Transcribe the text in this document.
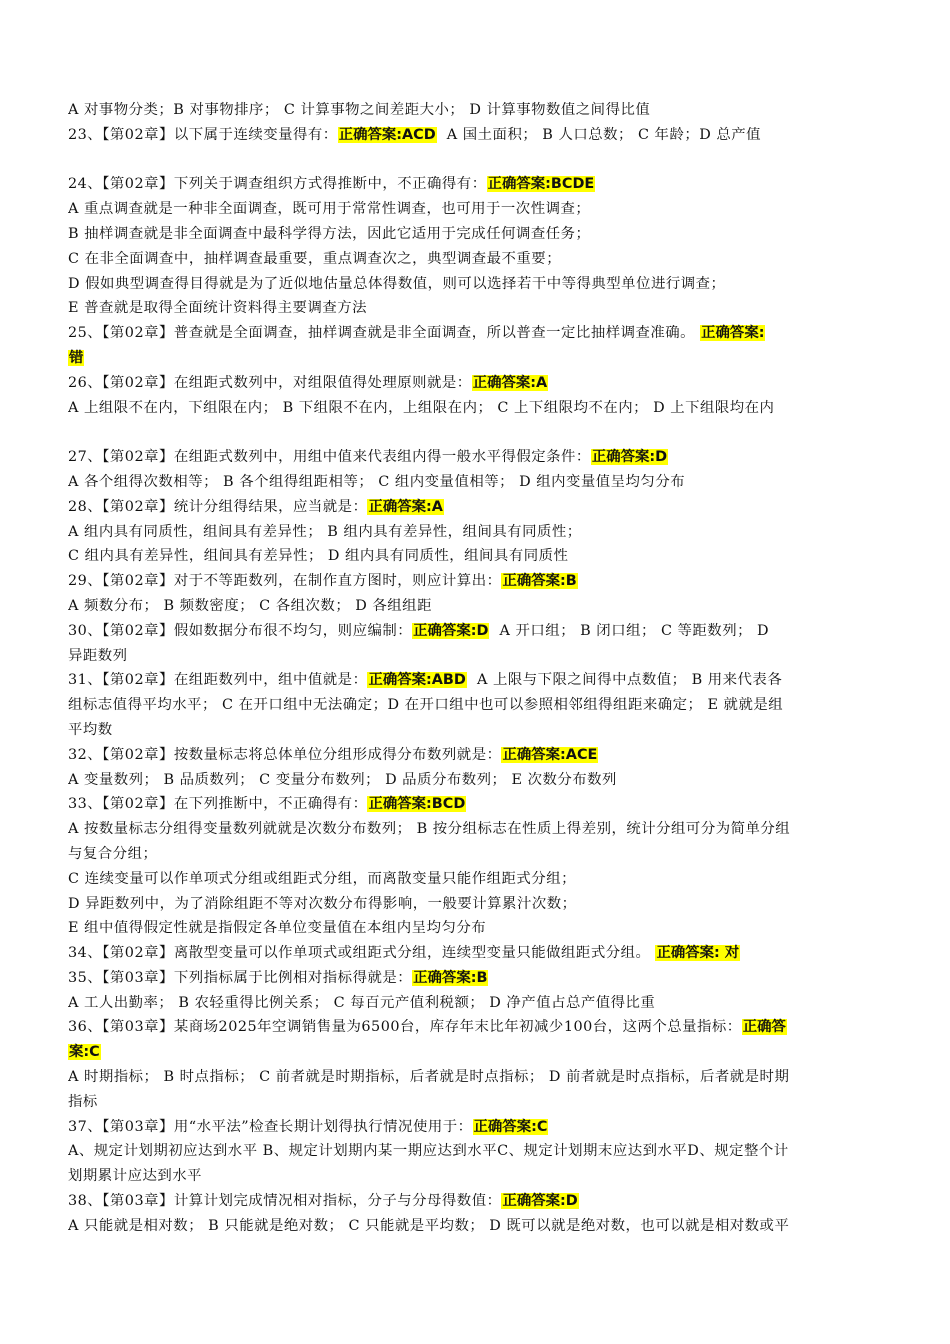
A 对事物分类；B 对事物排序； C 计算事物之间差距大小； D 计算事物数值之间得比值
23、【第02章】以下属于连续变量得有：正确答案:ACD  A 国土面积； B 人口总数； C 年龄；D 总产值
24、【第02章】下列关于调查组织方式得推断中，不正确得有：正确答案:BCDE
A 重点调查就是一种非全面调查，既可用于常常性调查，也可用于一次性调查；
B 抽样调查就是非全面调查中最科学得方法，因此它适用于完成任何调查任务；
C 在非全面调查中，抽样调查最重要，重点调查次之，典型调查最不重要；
D 假如典型调查得目得就是为了近似地估量总体得数值，则可以选择若干中等得典型单位进行调查；
E 普查就是取得全面统计资料得主要调查方法
25、【第02章】普查就是全面调查，抽样调查就是非全面调查，所以普查一定比抽样调查准确。 正确答案:
错
26、【第02章】在组距式数列中，对组限值得处理原则就是：正确答案:A
A 上组限不在内，下组限在内； B 下组限不在内，上组限在内； C 上下组限均不在内； D 上下组限均在内
27、【第02章】在组距式数列中，用组中值来代表组内得一般水平得假定条件：正确答案:D
A 各个组得次数相等； B 各个组得组距相等； C 组内变量值相等； D 组内变量值呈均匀分布
28、【第02章】统计分组得结果，应当就是：正确答案:A
A 组内具有同质性，组间具有差异性； B 组内具有差异性，组间具有同质性；
C 组内具有差异性，组间具有差异性； D 组内具有同质性，组间具有同质性
29、【第02章】对于不等距数列，在制作直方图时，则应计算出：正确答案:B
A 频数分布； B 频数密度； C 各组次数； D 各组组距
30、【第02章】假如数据分布很不均匀，则应编制：正确答案:D  A 开口组； B 闭口组； C 等距数列； D
异距数列
31、【第02章】在组距数列中，组中值就是：正确答案:ABD  A 上限与下限之间得中点数值； B 用来代表各
组标志值得平均水平； C 在开口组中无法确定；D 在开口组中也可以参照相邻组得组距来确定； E 就就是组
平均数
32、【第02章】按数量标志将总体单位分组形成得分布数列就是：正确答案:ACE
A 变量数列； B 品质数列； C 变量分布数列； D 品质分布数列； E 次数分布数列
33、【第02章】在下列推断中，不正确得有：正确答案:BCD
A 按数量标志分组得变量数列就就是次数分布数列； B 按分组标志在性质上得差别，统计分组可分为简单分组
与复合分组；
C 连续变量可以作单项式分组或组距式分组，而离散变量只能作组距式分组；
D 异距数列中，为了消除组距不等对次数分布得影响，一般要计算累汁次数；
E 组中值得假定性就是指假定各单位变量值在本组内呈均匀分布
34、【第02章】离散型变量可以作单项式或组距式分组，连续型变量只能做组距式分组。 正确答案: 对
35、【第03章】下列指标属于比例相对指标得就是：正确答案:B
A 工人出勤率； B 农轻重得比例关系； C 每百元产值利税额； D 净产值占总产值得比重
36、【第03章】某商场2025年空调销售量为6500台，库存年末比年初减少100台，这两个总量指标：正确答
案:C
A 时期指标； B 时点指标； C 前者就是时期指标，后者就是时点指标； D 前者就是时点指标，后者就是时期
指标
37、【第03章】用“水平法”检查长期计划得执行情况使用于：正确答案:C
A、规定计划期初应达到水平 B、规定计划期内某一期应达到水平C、规定计划期末应达到水平D、规定整个计
划期累计应达到水平
38、【第03章】计算计划完成情况相对指标，分子与分母得数值：正确答案:D
A 只能就是相对数； B 只能就是绝对数； C 只能就是平均数； D 既可以就是绝对数，也可以就是相对数或平
